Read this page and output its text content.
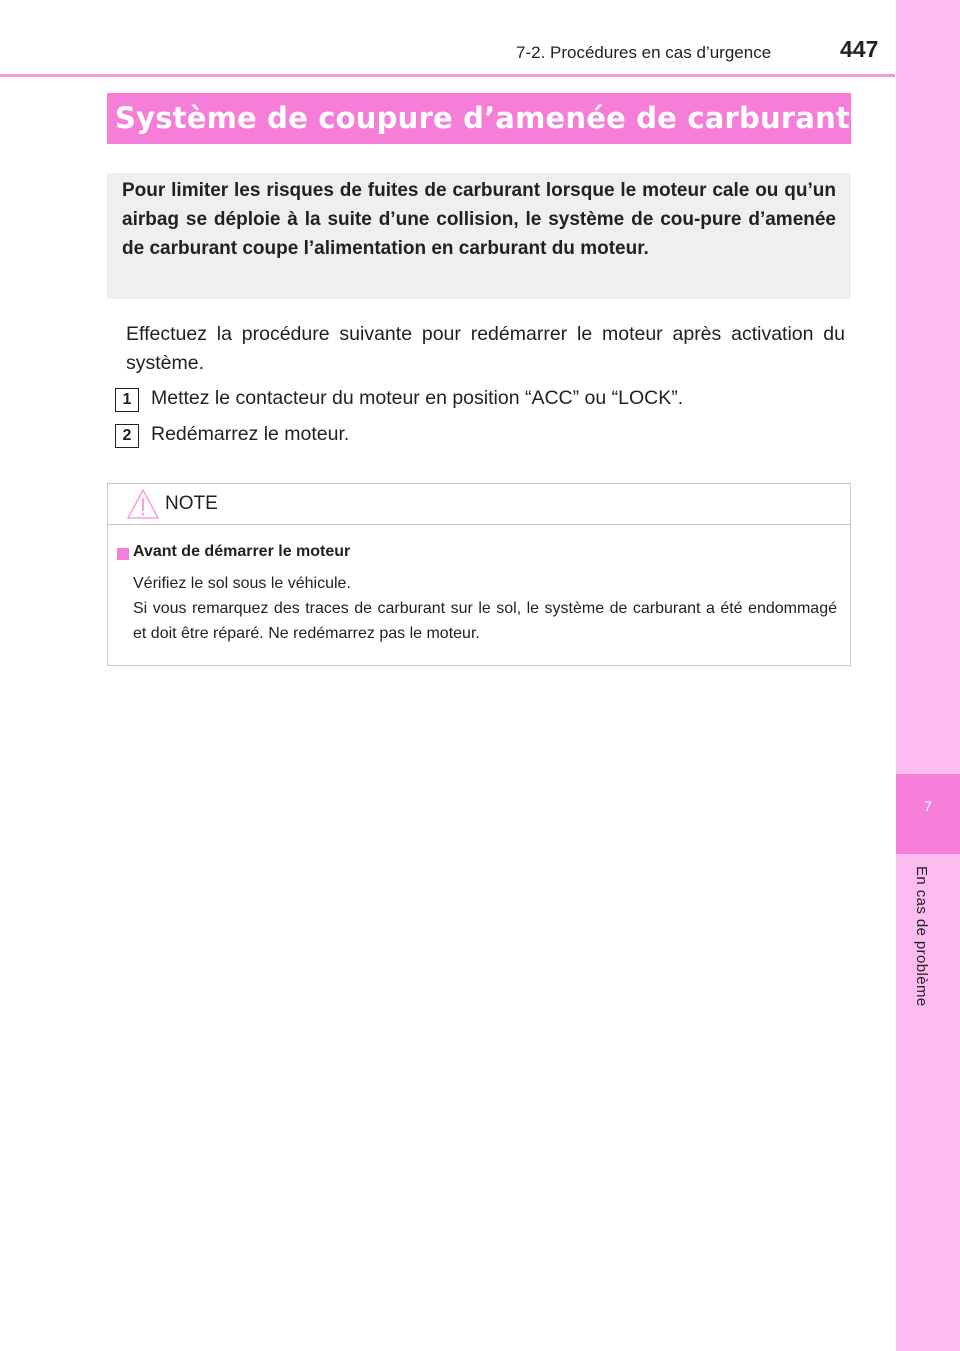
7-2. Procédures en cas d’urgence	447
7
En cas de problème
Système de coupure d’amenée de carburant

Pour limiter les risques de fuites de carburant lorsque le moteur cale ou qu’un airbag se déploie à la suite d’une collision, le système de cou-pure d’amenée de carburant coupe l’alimentation en carburant du moteur.

Effectuez la procédure suivante pour redémarrer le moteur après activation du système.

1	Mettez le contacteur du moteur en position “ACC” ou “LOCK”.
2	Redémarrez le moteur.
NOTE
Avant de démarrer le moteur

Vérifiez le sol sous le véhicule.
Si vous remarquez des traces de carburant sur le sol, le système de carburant a été endommagé et doit être réparé. Ne redémarrez pas le moteur.
